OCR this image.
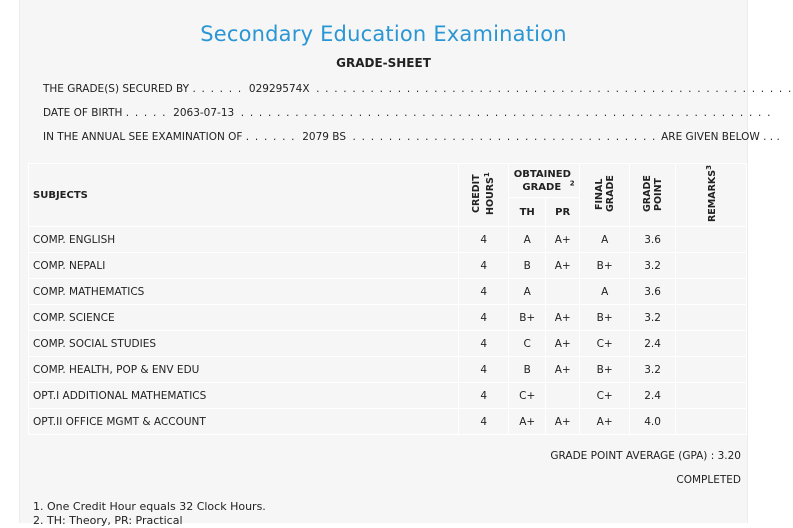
Secondary Education Examination
GRADE-SHEET
THE GRADE(S) SECURED BY . . . . . . 02929574X . . . . . . . . . . . . . . . . . . . . . . . . . . . . . . . . . . . . . . . . . . . . . . . . . . . . .
DATE OF BIRTH . . . . . 2063-07-13 . . . . . . . . . . . . . . . . . . . . . . . . . . . . . . . . . . . . . . . . . . . . . . . . . . . . . . . . . . .
IN THE ANNUAL SEE EXAMINATION OF . . . . . . 2079 BS . . . . . . . . . . . . . . . . . . . . . . . . . . . . . . . . . . ARE GIVEN BELOW . . .
SUBJECTS	CREDIT HOURS$^1$	OBTAINED GRADE $^2$		FINAL GRADE	GRADE POINT	REMARKS$^3$
		TH	PR			
COMP. ENGLISH	4	A	A+	A	3.6	
COMP. NEPALI	4	B	A+	B+	3.2	
COMP. MATHEMATICS	4	A		A	3.6	
COMP. SCIENCE	4	B+	A+	B+	3.2	
COMP. SOCIAL STUDIES	4	C	A+	C+	2.4	
COMP. HEALTH, POP & ENV EDU	4	B	A+	B+	3.2	
OPT.I ADDITIONAL MATHEMATICS	4	C+		C+	2.4	
OPT.II OFFICE MGMT & ACCOUNT	4	A+	A+	A+	4.0	
GRADE POINT AVERAGE (GPA) : 3.20
COMPLETED
1. One Credit Hour equals 32 Clock Hours.
2. TH: Theory, PR: Practical
